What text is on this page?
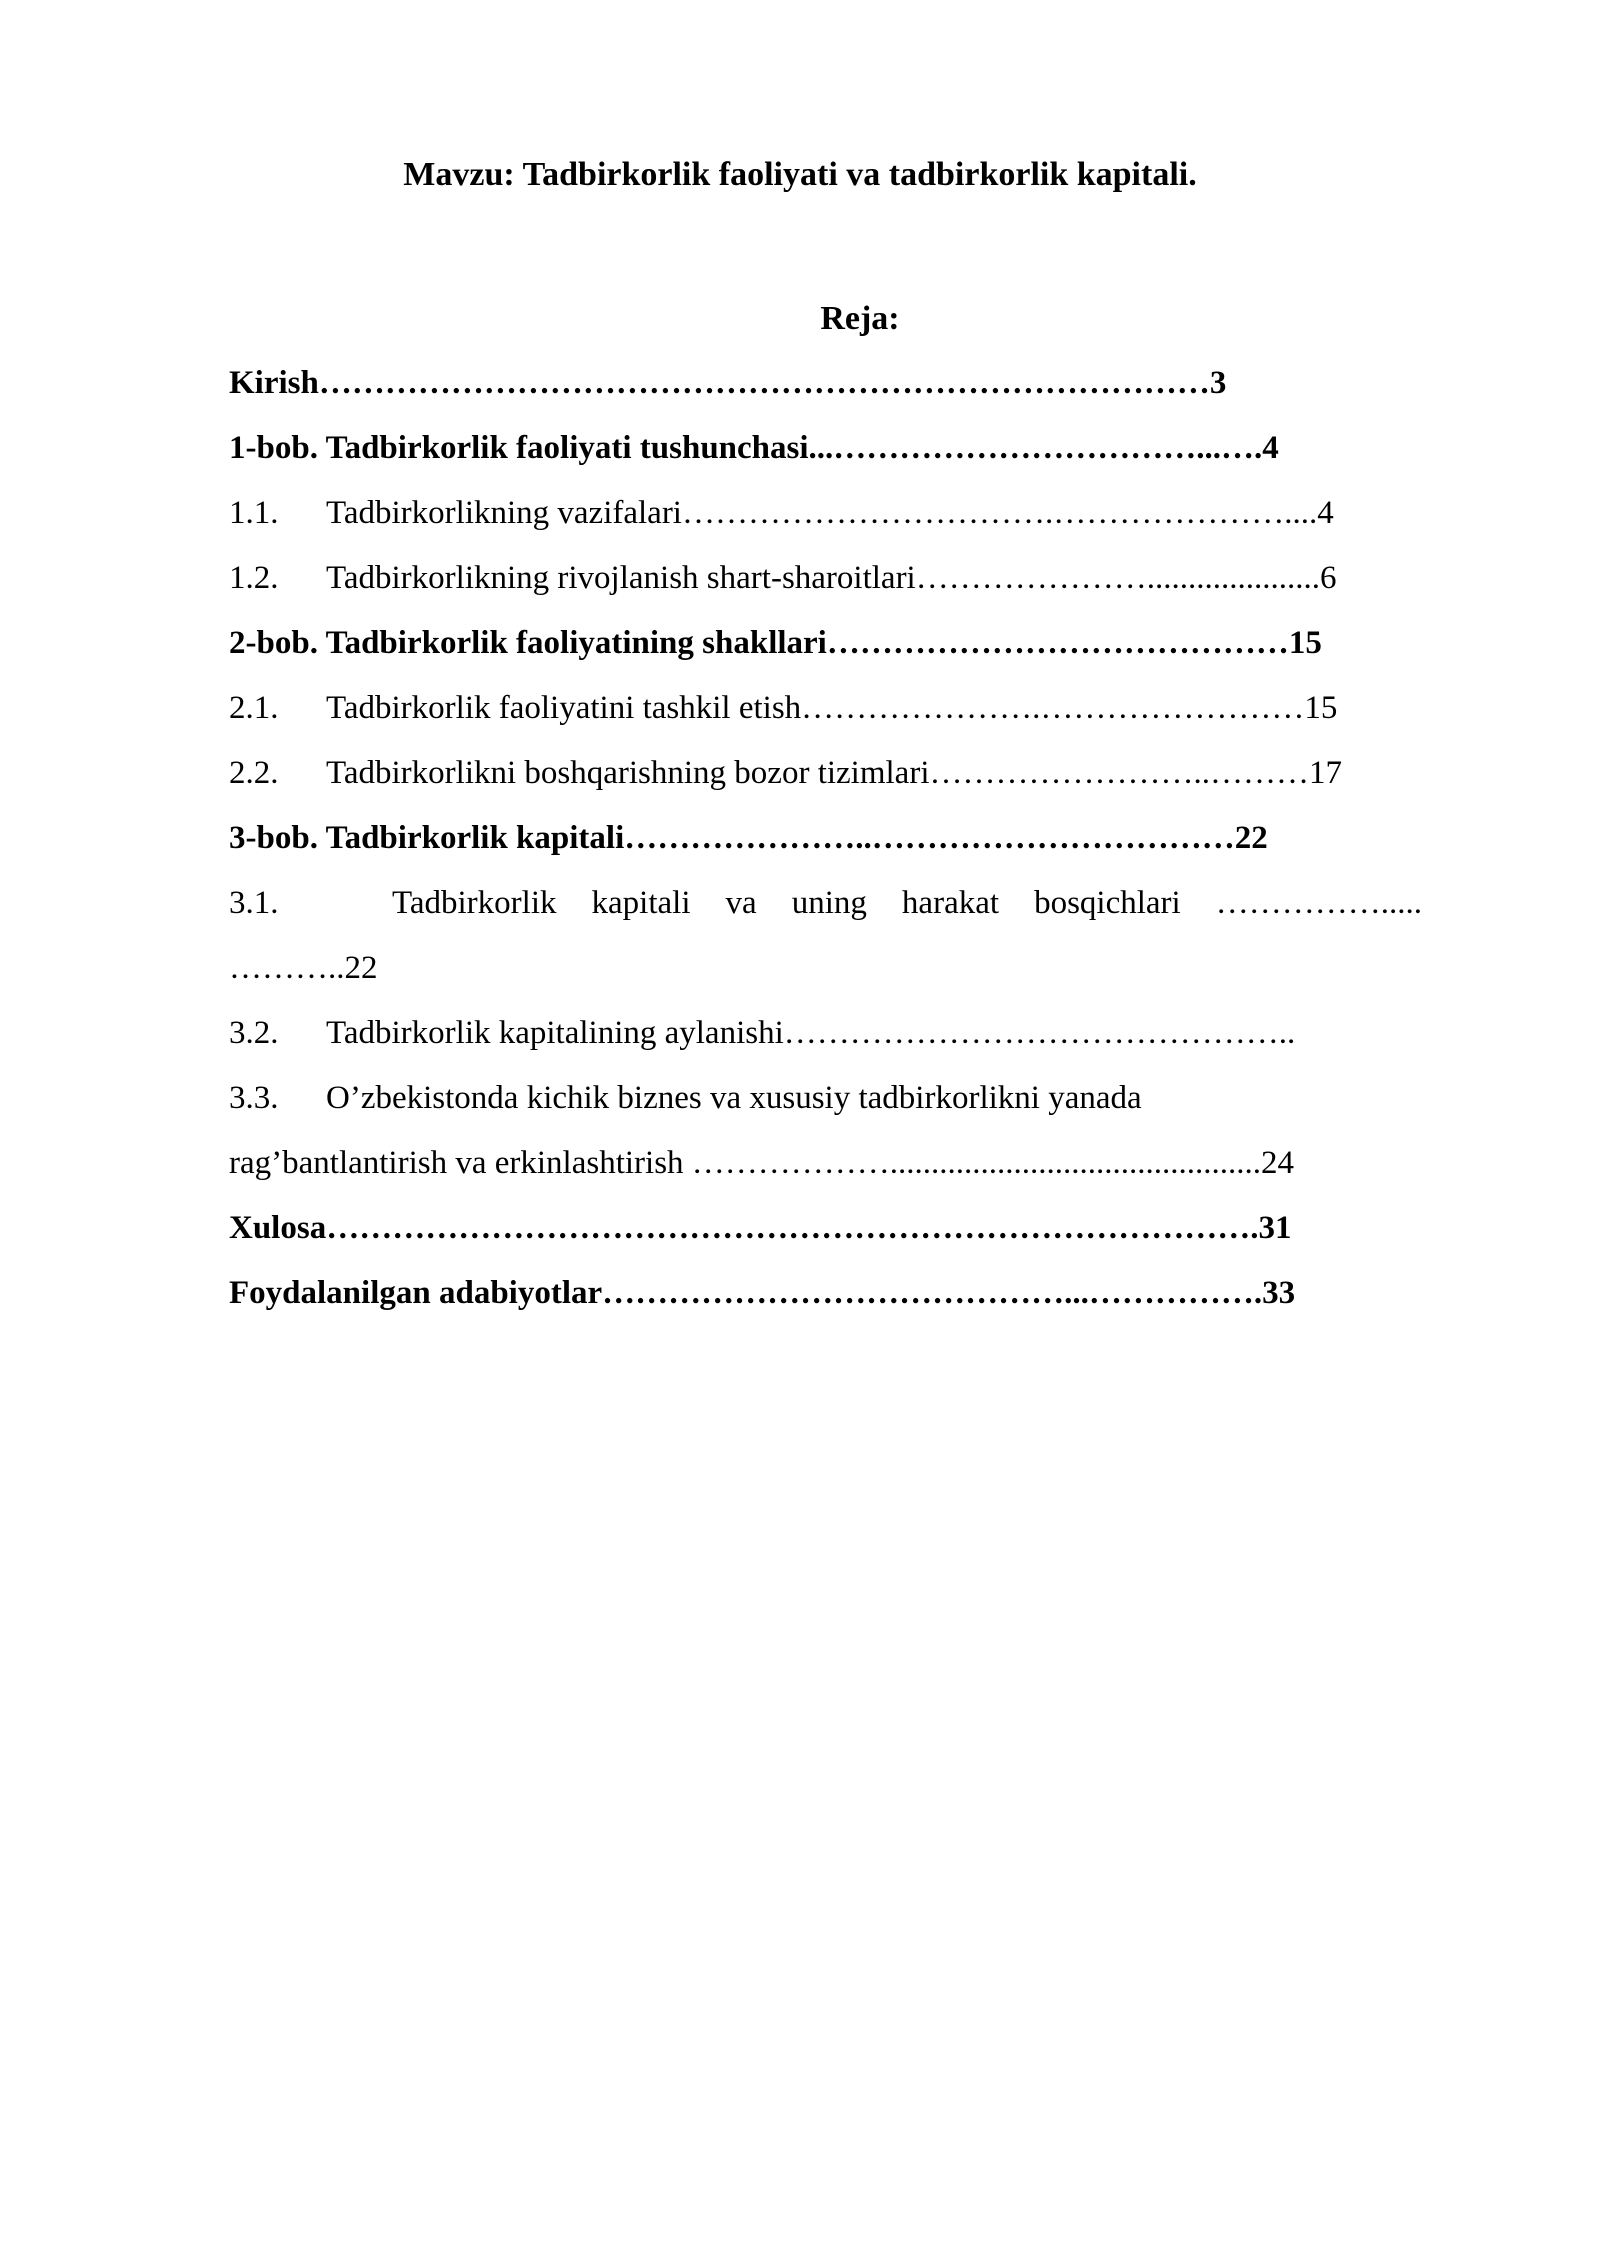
Mavzu: Tadbirkorlik faoliyati va tadbirkorlik kapitali.
Reja:
Kirish………………………………………………………………………3
1-bob. Tadbirkorlik faoliyati tushunchasi...……………………………...….4
1.1. Tadbirkorlikning vazifalari…………………………….…………………....4
1.2. Tadbirkorlikning rivojlanish shart-sharoitlari………………….....................6
2-bob. Tadbirkorlik faoliyatining shakllari……………………………………15
2.1. Tadbirkorlik faoliyatini tashkil etish………………….……………………15
2.2. Tadbirkorlikni boshqarishning bozor tizimlari……………………..………17
3-bob. Tadbirkorlik kapitali…………………..……………………………22
3.1.	Tadbirkorlik kapitali va uning harakat bosqichlari …………….....
………..22
3.2. Tadbirkorlik kapitalining aylanishi………………………………………..
3.3. O’zbekistonda kichik biznes va xususiy tadbirkorlikni yanada
rag’bantlantirish va erkinlashtirish ……………….............................................24
Xulosa………………………………………………………………………….31
Foydalanilgan adabiyotlar……………………………………...…………….33
